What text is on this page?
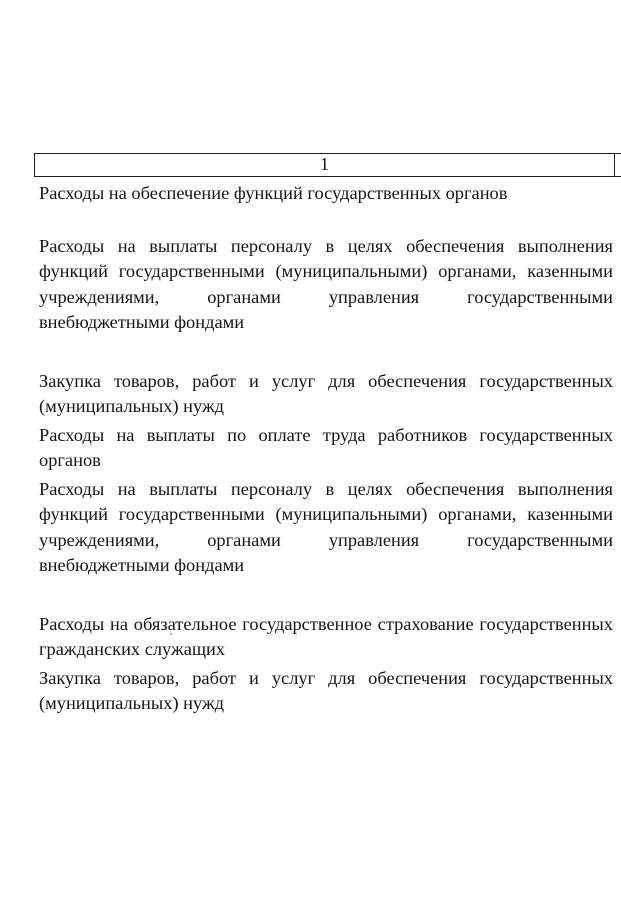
1

Расходы на обеспечение функций государственных органов

Расходы на выплаты персоналу в целях обеспечения выполнения функций государственными (муниципальными) органами, казенными учреждениями, органами управления государственными внебюджетными фондами

Закупка товаров, работ и услуг для обеспечения государственных (муниципальных) нужд

Расходы на выплаты по оплате труда работников государственных органов

Расходы на выплаты персоналу в целях обеспечения выполнения функций государственными (муниципальными) органами, казенными учреждениями, органами управления государственными внебюджетными фондами

Расходы на обязательное государственное страхование государственных гражданских служащих

Закупка товаров, работ и услуг для обеспечения государственных (муниципальных) нужд
